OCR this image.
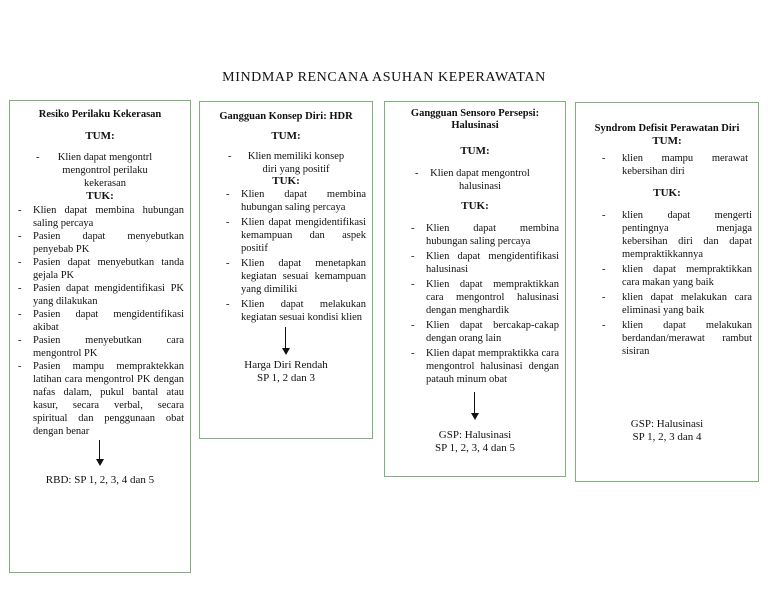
MINDMAP RENCANA ASUHAN KEPERAWATAN
Resiko Perilaku Kekerasan
TUM:
- Klien dapat mengontrl mengontrol perilaku kekerasan
TUK:
- Klien dapat membina hubungan saling percaya
- Pasien dapat menyebutkan penyebab PK
- Pasien dapat menyebutkan tanda gejala PK
- Pasien dapat mengidentifikasi PK yang dilakukan
- Pasien dapat mengidentifikasi akibat
- Pasien menyebutkan cara mengontrol PK
- Pasien mampu mempraktekkan latihan cara mengontrol PK dengan nafas dalam, pukul bantal atau kasur, secara verbal, secara spiritual dan penggunaan obat dengan benar
RBD: SP 1, 2, 3, 4 dan 5
Gangguan Konsep Diri: HDR
TUM:
- Klien memiliki konsep diri yang positif
TUK:
- Klien dapat membina hubungan saling percaya
- Klien dapat mengidentifikasi kemampuan dan aspek positif
- Klien dapat menetapkan kegiatan sesuai kemampuan yang dimiliki
- Klien dapat melakukan kegiatan sesuai kondisi klien
Harga Diri Rendah
SP 1, 2 dan 3
Gangguan Sensoro Persepsi: Halusinasi
TUM:
- Klien dapat mengontrol halusinasi
TUK:
- Klien dapat membina hubungan saling percaya
- Klien dapat mengidentifikasi halusinasi
- Klien dapat mempraktikkan cara mengontrol halusinasi dengan menghardik
- Klien dapat bercakap-cakap dengan orang lain
- Klien dapat mempraktikka cara mengontrol halusinasi dengan patauh minum obat
GSP: Halusinasi
SP 1, 2, 3, 4 dan 5
Syndrom Defisit Perawatan Diri
TUM:
- klien mampu merawat kebersihan diri
TUK:
- klien dapat mengerti pentingnya menjaga kebersihan diri dan dapat mempraktikkannya
- klien dapat mempraktikkan cara makan yang baik
- klien dapat melakukan cara eliminasi yang baik
- klien dapat melakukan berdandan/merawat rambut sisiran
GSP: Halusinasi
SP 1, 2, 3 dan 4
